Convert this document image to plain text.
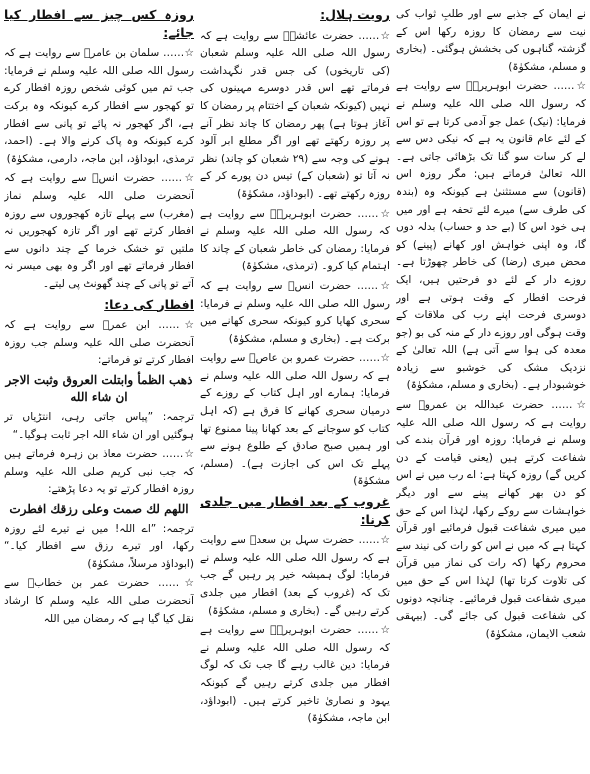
نے ایمان کے جذبے سے اور طلبِ ثواب کی نیت سے رمضان کا روزہ رکھا اس کے گزشتہ گناہوں کی بخشش ہوگئی۔ (بخاری و مسلم، مشکوٰۃ)

☆…… حضرت ابوہریرہؓ سے روایت ہے کہ رسول اللہ صلی اللہ علیہ وسلم نے فرمایا: (نیک) عمل جو آدمی کرتا ہے تو اس کے لئے عام قانون یہ ہے کہ نیکی دس سے لے کر سات سو گنا تک بڑھائی جاتی ہے۔ اللہ تعالیٰ فرماتے ہیں: مگر روزہ اس (قانون) سے مستثنیٰ ہے کیونکہ وہ (بندہ کی طرف سے) میرے لئے تحفہ ہے اور میں ہی خود اس کا (بے حد و حساب) بدلہ دوں گا، وہ اپنی خواہش اور کھانے (پینے) کو محض میری (رضا) کی خاطر چھوڑتا ہے۔ روزے دار کے لئے دو فرحتیں ہیں، ایک فرحت افطار کے وقت ہوتی ہے اور دوسری فرحت اپنے رب کی ملاقات کے وقت ہوگی اور روزے دار کے منہ کی بو (جو معدہ کی ہوا سے آتی ہے) اللہ تعالیٰ کے نزدیک مشک کی خوشبو سے زیادہ خوشبودار ہے۔ (بخاری و مسلم، مشکوٰۃ)

☆…… حضرت عبداللہ بن عمروؓ سے روایت ہے کہ رسول اللہ صلی اللہ علیہ وسلم نے فرمایا: روزہ اور قرآن بندے کی شفاعت کرتے ہیں (یعنی قیامت کے دن کریں گے) روزہ کہتا ہے: اے رب میں نے اس کو دن بھر کھانے پینے سے اور دیگر خواہشات سے روکے رکھا، لہٰذا اس کے حق میں میری شفاعت قبول فرمائیے اور قرآن کہتا ہے کہ میں نے اس کو رات کی نیند سے محروم رکھا (کہ رات کی نماز میں قرآن کی تلاوت کرتا تھا) لہٰذا اس کے حق میں میری شفاعت قبول فرمائیے۔ چنانچہ دونوں کی شفاعت قبول کی جائے گی۔ (بیہقی شعب الایمان، مشکوٰۃ)

رویت ہلال:

☆…… حضرت عائشہؓ سے روایت ہے کہ رسول اللہ صلی اللہ علیہ وسلم شعبان (کی تاریخوں) کی جس قدر نگہداشت فرماتے تھے اس قدر دوسرے مہینوں کی نہیں (کیونکہ شعبان کے اختتام پر رمضان کا آغاز ہوتا ہے) پھر رمضان کا چاند نظر آنے پر روزہ رکھتے تھے اور اگر مطلع ابر آلود ہونے کی وجہ سے (۲۹ شعبان کو چاند) نظر نہ آتا تو (شعبان کے) تیس دن پورے کر کے روزہ رکھتے تھے۔ (ابوداؤد، مشکوٰۃ)

☆…… حضرت ابوہریرہؓ سے روایت ہے کہ رسول اللہ صلی اللہ علیہ وسلم نے فرمایا: رمضان کی خاطر شعبان کے چاند کا اہتمام کیا کرو۔ (ترمذی، مشکوٰۃ)

☆…… حضرت انسؓ سے روایت ہے کہ رسول اللہ صلی اللہ علیہ وسلم نے فرمایا: سحری کھایا کرو کیونکہ سحری کھانے میں برکت ہے۔ (بخاری و مسلم، مشکوٰۃ)

☆…… حضرت عمرو بن عاصؓ سے روایت ہے کہ رسول اللہ صلی اللہ علیہ وسلم نے فرمایا: ہمارے اور اہل کتاب کے روزے کے درمیان سحری کھانے کا فرق ہے (کہ اہل کتاب کو سوجانے کے بعد کھانا پینا ممنوع تھا اور ہمیں صبح صادق کے طلوع ہونے سے پہلے تک اس کی اجازت ہے)۔ (مسلم، مشکوٰۃ)

غروب کے بعد افطار میں جلدی کرنا:

☆…… حضرت سہل بن سعدؓ سے روایت ہے کہ رسول اللہ صلی اللہ علیہ وسلم نے فرمایا: لوگ ہمیشہ خیر پر رہیں گے جب تک کہ (غروب کے بعد) افطار میں جلدی کرتے رہیں گے۔ (بخاری و مسلم، مشکوٰۃ)

☆…… حضرت ابوہریرہؓ سے روایت ہے کہ رسول اللہ صلی اللہ علیہ وسلم نے فرمایا: دین غالب رہے گا جب تک کہ لوگ افطار میں جلدی کرتے رہیں گے کیونکہ یہود و نصاریٰ تاخیر کرتے ہیں۔ (ابوداؤد، ابن ماجہ، مشکوٰۃ)

روزہ کس چیز سے افطار کیا جائے:

☆…… سلمان بن عامرؓ سے روایت ہے کہ رسول اللہ صلی اللہ علیہ وسلم نے فرمایا: جب تم میں کوئی شخص روزہ افطار کرے تو کھجور سے افطار کرے کیونکہ وہ برکت ہے، اگر کھجور نہ پائے تو پانی سے افطار کرے کیونکہ وہ پاک کرنے والا ہے۔ (احمد، ترمذی، ابوداؤد، ابن ماجہ، دارمی، مشکوٰۃ)

☆…… حضرت انسؓ سے روایت ہے کہ آنحضرت صلی اللہ علیہ وسلم نماز (مغرب) سے پہلے تازہ کھجوروں سے روزہ افطار کرتے تھے اور اگر تازہ کھجوریں نہ ملتیں تو خشک خرما کے چند دانوں سے افطار فرماتے تھے اور اگر وہ بھی میسر نہ آتے تو پانی کے چند گھونٹ پی لیتے۔

افطار کی دعا:

☆…… ابن عمرؓ سے روایت ہے کہ آنحضرت صلی اللہ علیہ وسلم جب روزہ افطار کرتے تو فرماتے:

ذهب الظمأ وابتلت العروق وثبت الاجر ان شاء الله

ترجمہ: ”پیاس جاتی رہی، انتڑیاں تر ہوگئیں اور ان شاء اللہ اجر ثابت ہوگیا۔“

☆…… حضرت معاذ بن زہرہ فرماتے ہیں کہ جب نبی کریم صلی اللہ علیہ وسلم روزہ افطار کرتے تو یہ دعا پڑھتے:

اللهم لك صمت وعلى رزقك افطرت

ترجمہ: ”اے اللہ! میں نے تیرے لئے روزہ رکھا، اور تیرے رزق سے افطار کیا۔“ (ابوداؤد مرسلاً، مشکوٰۃ)

☆…… حضرت عمر بن خطابؓ سے آنحضرت صلی اللہ علیہ وسلم کا ارشاد نقل کیا گیا ہے کہ رمضان میں اللہ
